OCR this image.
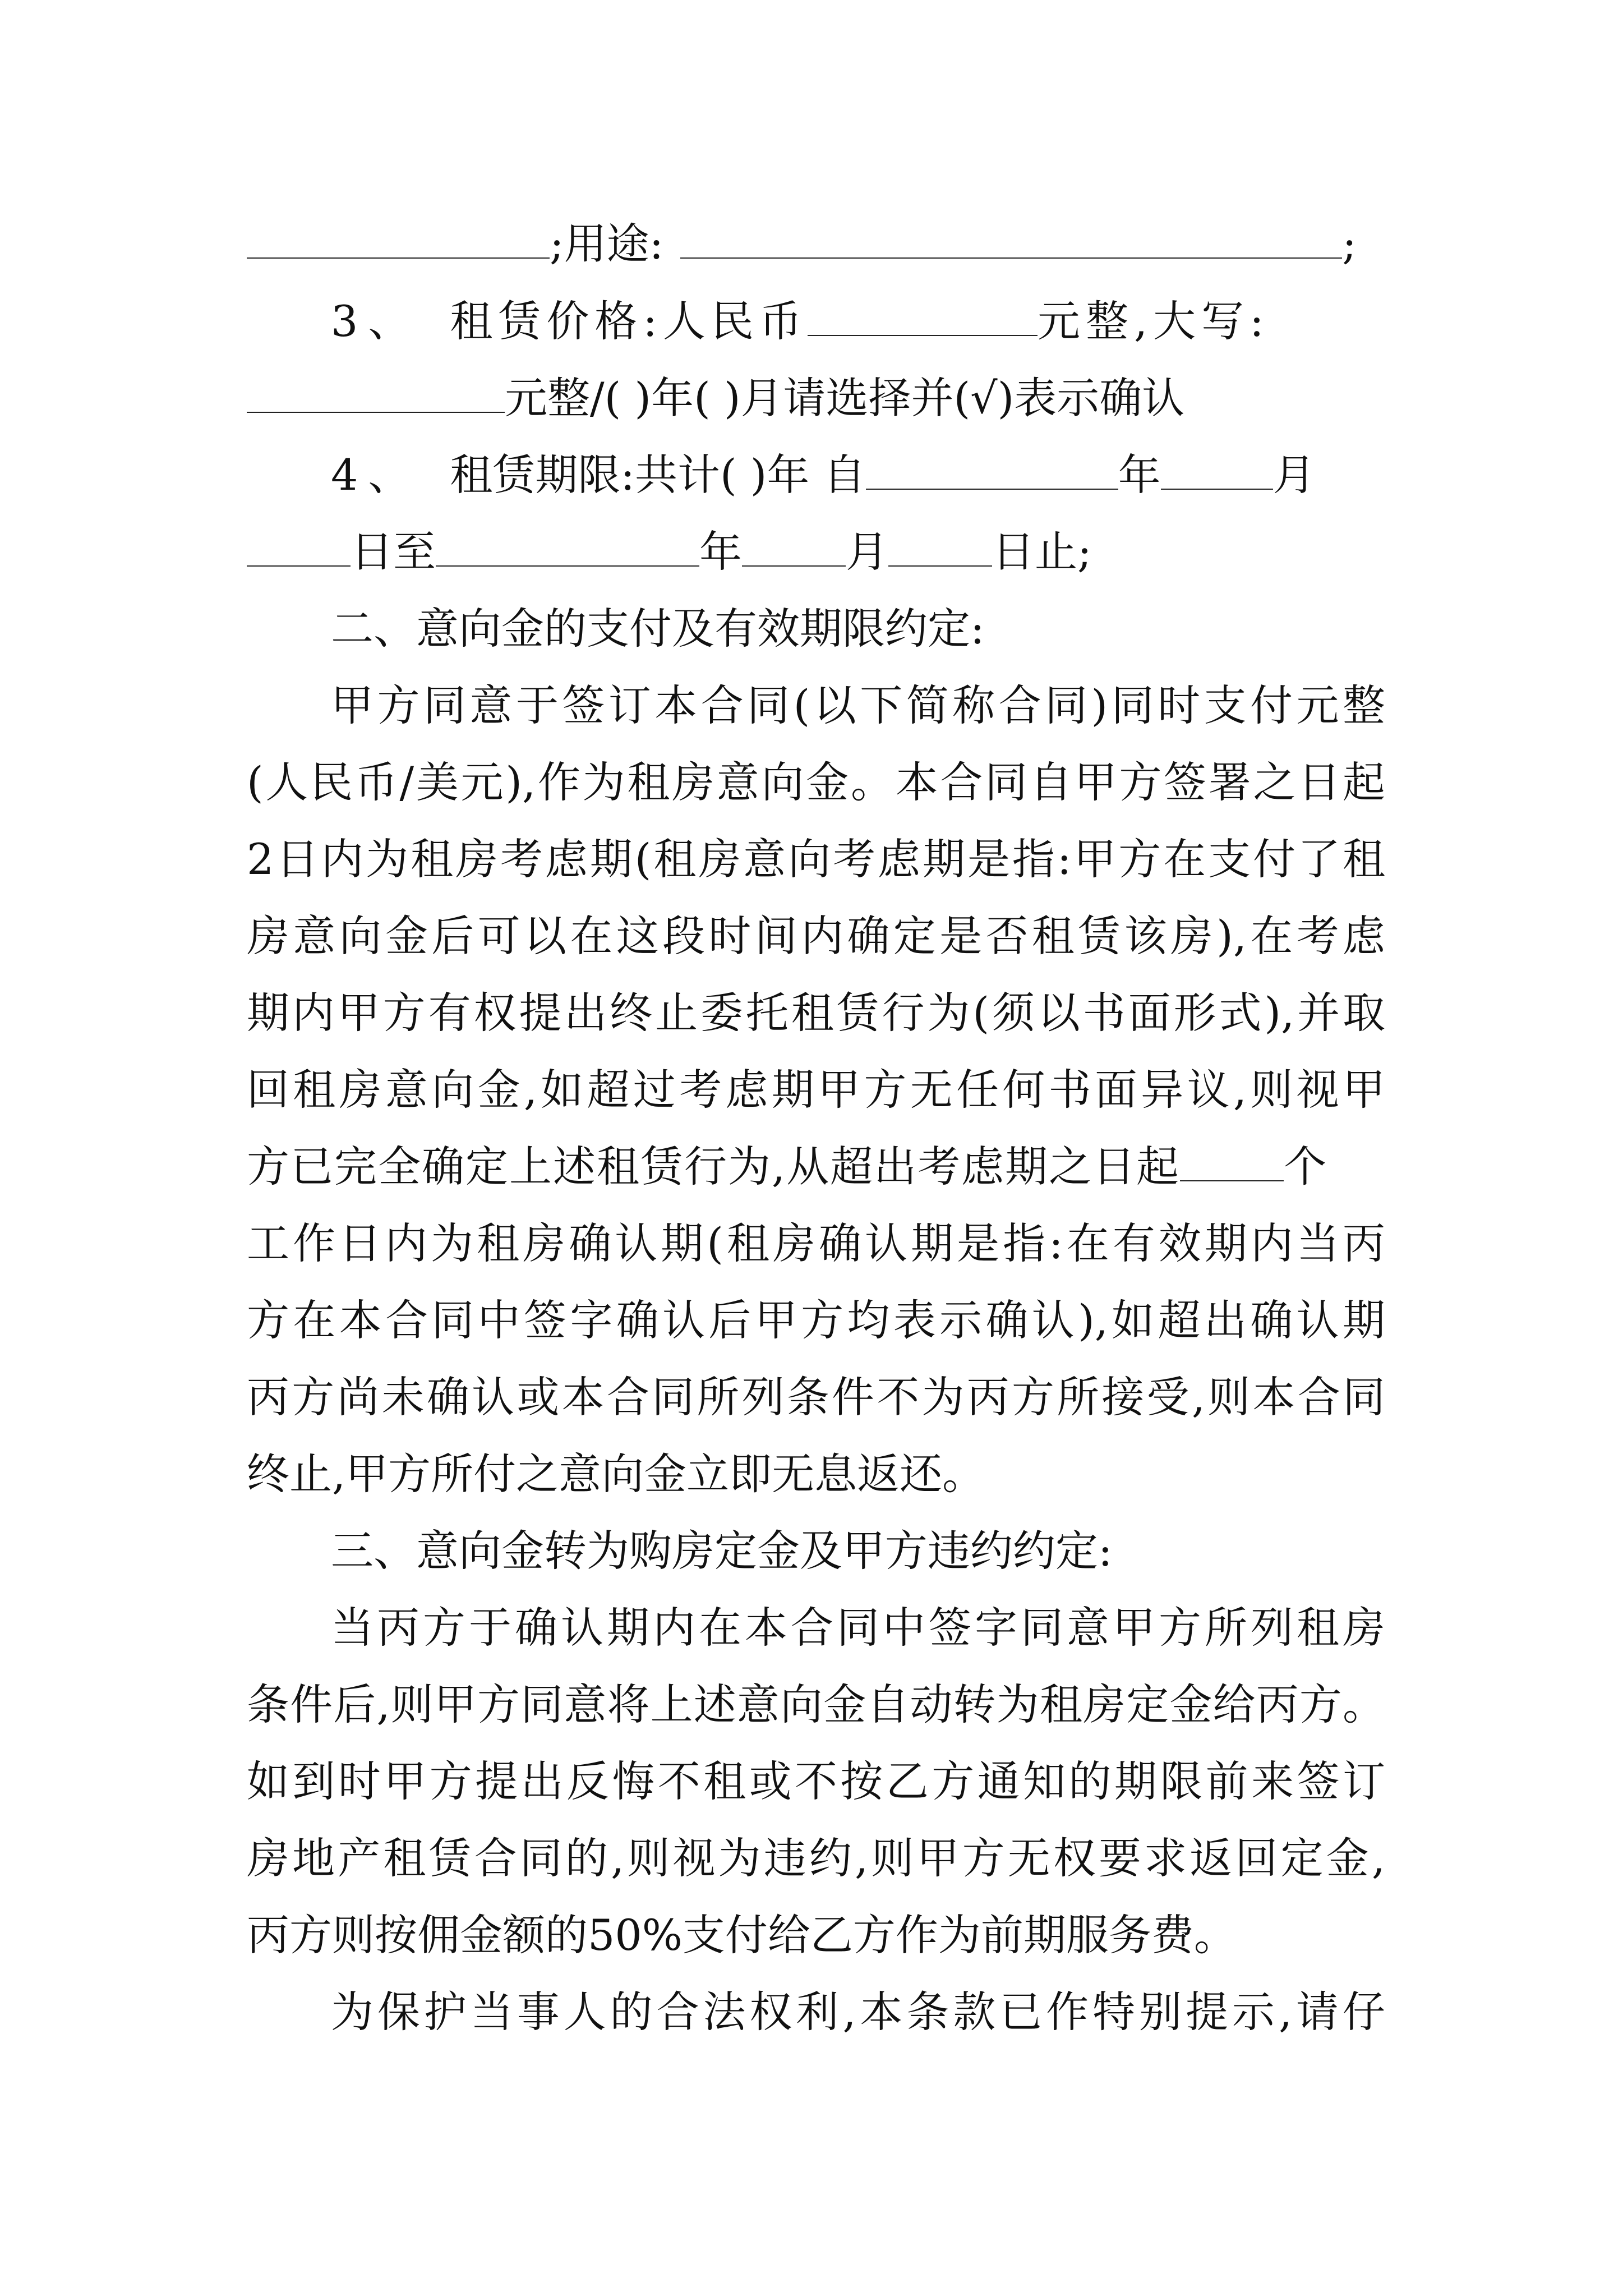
;用途:	;
3、 租赁价格:人民币	元整,大写:
元整/( )年( )月请选择并(√)表示确认
4、 租赁期限:共计( )年 自	年	月
日至	年 月 日止;
二、意向金的支付及有效期限约定:
甲方同意于签订本合同(以下简称合同)同时支付元整
(人民币/美元),作为租房意向金。本合同自甲方签署之日起
2日内为租房考虑期(租房意向考虑期是指:甲方在支付了租
房意向金后可以在这段时间内确定是否租赁该房),在考虑
期内甲方有权提出终止委托租赁行为(须以书面形式),并取
回租房意向金,如超过考虑期甲方无任何书面异议,则视甲
方已完全确定上述租赁行为,从超出考虑期之日起 个
工作日内为租房确认期(租房确认期是指:在有效期内当丙
方在本合同中签字确认后甲方均表示确认),如超出确认期
丙方尚未确认或本合同所列条件不为丙方所接受,则本合同
终止,甲方所付之意向金立即无息返还。
三、意向金转为购房定金及甲方违约约定:
当丙方于确认期内在本合同中签字同意甲方所列租房
条件后,则甲方同意将上述意向金自动转为租房定金给丙方。
如到时甲方提出反悔不租或不按乙方通知的期限前来签订
房地产租赁合同的,则视为违约,则甲方无权要求返回定金,
丙方则按佣金额的50%支付给乙方作为前期服务费。
为保护当事人的合法权利,本条款已作特别提示,请仔
